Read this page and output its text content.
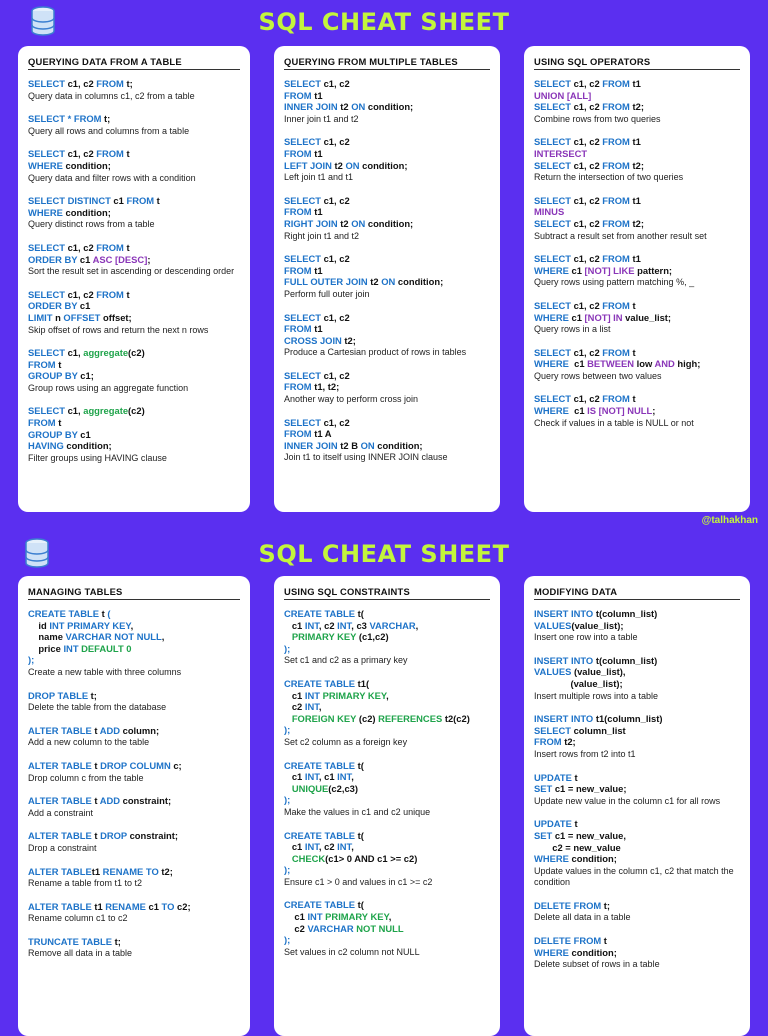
SQL CHEAT SHEET
QUERYING DATA FROM A TABLE
SELECT c1, c2 FROM t;
Query data in columns c1, c2 from a table
SELECT * FROM t;
Query all rows and columns from a table
SELECT c1, c2 FROM t
WHERE condition;
Query data and filter rows with a condition
SELECT DISTINCT c1 FROM t
WHERE condition;
Query distinct rows from a table
SELECT c1, c2 FROM t
ORDER BY c1 ASC [DESC];
Sort the result set in ascending or descending order
SELECT c1, c2 FROM t
ORDER BY c1
LIMIT n OFFSET offset;
Skip offset of rows and return the next n rows
SELECT c1, aggregate(c2)
FROM t
GROUP BY c1;
Group rows using an aggregate function
SELECT c1, aggregate(c2)
FROM t
GROUP BY c1
HAVING condition;
Filter groups using HAVING clause
QUERYING FROM MULTIPLE TABLES
SELECT c1, c2
FROM t1
INNER JOIN t2 ON condition;
Inner join t1 and t2
SELECT c1, c2
FROM t1
LEFT JOIN t2 ON condition;
Left join t1 and t1
SELECT c1, c2
FROM t1
RIGHT JOIN t2 ON condition;
Right join t1 and t2
SELECT c1, c2
FROM t1
FULL OUTER JOIN t2 ON condition;
Perform full outer join
SELECT c1, c2
FROM t1
CROSS JOIN t2;
Produce a Cartesian product of rows in tables
SELECT c1, c2
FROM t1, t2;
Another way to perform cross join
SELECT c1, c2
FROM t1 A
INNER JOIN t2 B ON condition;
Join t1 to itself using INNER JOIN clause
USING SQL OPERATORS
SELECT c1, c2 FROM t1
UNION [ALL]
SELECT c1, c2 FROM t2;
Combine rows from two queries
SELECT c1, c2 FROM t1
INTERSECT
SELECT c1, c2 FROM t2;
Return the intersection of two queries
SELECT c1, c2 FROM t1
MINUS
SELECT c1, c2 FROM t2;
Subtract a result set from another result set
SELECT c1, c2 FROM t1
WHERE c1 [NOT] LIKE pattern;
Query rows using pattern matching %, _
SELECT c1, c2 FROM t
WHERE c1 [NOT] IN value_list;
Query rows in a list
SELECT c1, c2 FROM t
WHERE  c1 BETWEEN low AND high;
Query rows between two values
SELECT c1, c2 FROM t
WHERE  c1 IS [NOT] NULL;
Check if values in a table is NULL or not
@talhakhan
SQL CHEAT SHEET
MANAGING TABLES
CREATE TABLE t (
id INT PRIMARY KEY,
name VARCHAR NOT NULL,
price INT DEFAULT 0
);
Create a new table with three columns
DROP TABLE t;
Delete the table from the database
ALTER TABLE t ADD column;
Add a new column to the table
ALTER TABLE t DROP COLUMN c;
Drop column c from the table
ALTER TABLE t ADD constraint;
Add a constraint
ALTER TABLE t DROP constraint;
Drop a constraint
ALTER TABLEt1 RENAME TO t2;
Rename a table from t1 to t2
ALTER TABLE t1 RENAME c1 TO c2;
Rename column c1 to c2
TRUNCATE TABLE t;
Remove all data in a table
USING SQL CONSTRAINTS
CREATE TABLE t(
c1 INT, c2 INT, c3 VARCHAR,
PRIMARY KEY (c1,c2)
);
Set c1 and c2 as a primary key
CREATE TABLE t1(
c1 INT PRIMARY KEY,
c2 INT,
FOREIGN KEY (c2) REFERENCES t2(c2)
);
Set c2 column as a foreign key
CREATE TABLE t(
c1 INT, c1 INT,
UNIQUE(c2,c3)
);
Make the values in c1 and c2 unique
CREATE TABLE t(
c1 INT, c2 INT,
CHECK(c1> 0 AND c1 >= c2)
);
Ensure c1 > 0 and values in c1 >= c2
CREATE TABLE t(
c1 INT PRIMARY KEY,
c2 VARCHAR NOT NULL
);
Set values in c2 column not NULL
MODIFYING DATA
INSERT INTO t(column_list)
VALUES(value_list);
Insert one row into a table
INSERT INTO t(column_list)
VALUES (value_list),
(value_list);
Insert multiple rows into a table
INSERT INTO t1(column_list)
SELECT column_list
FROM t2;
Insert rows from t2 into t1
UPDATE t
SET c1 = new_value;
Update new value in the column c1 for all rows
UPDATE t
SET c1 = new_value,
c2 = new_value
WHERE condition;
Update values in the column c1, c2 that match the condition
DELETE FROM t;
Delete all data in a table
DELETE FROM t
WHERE condition;
Delete subset of rows in a table
